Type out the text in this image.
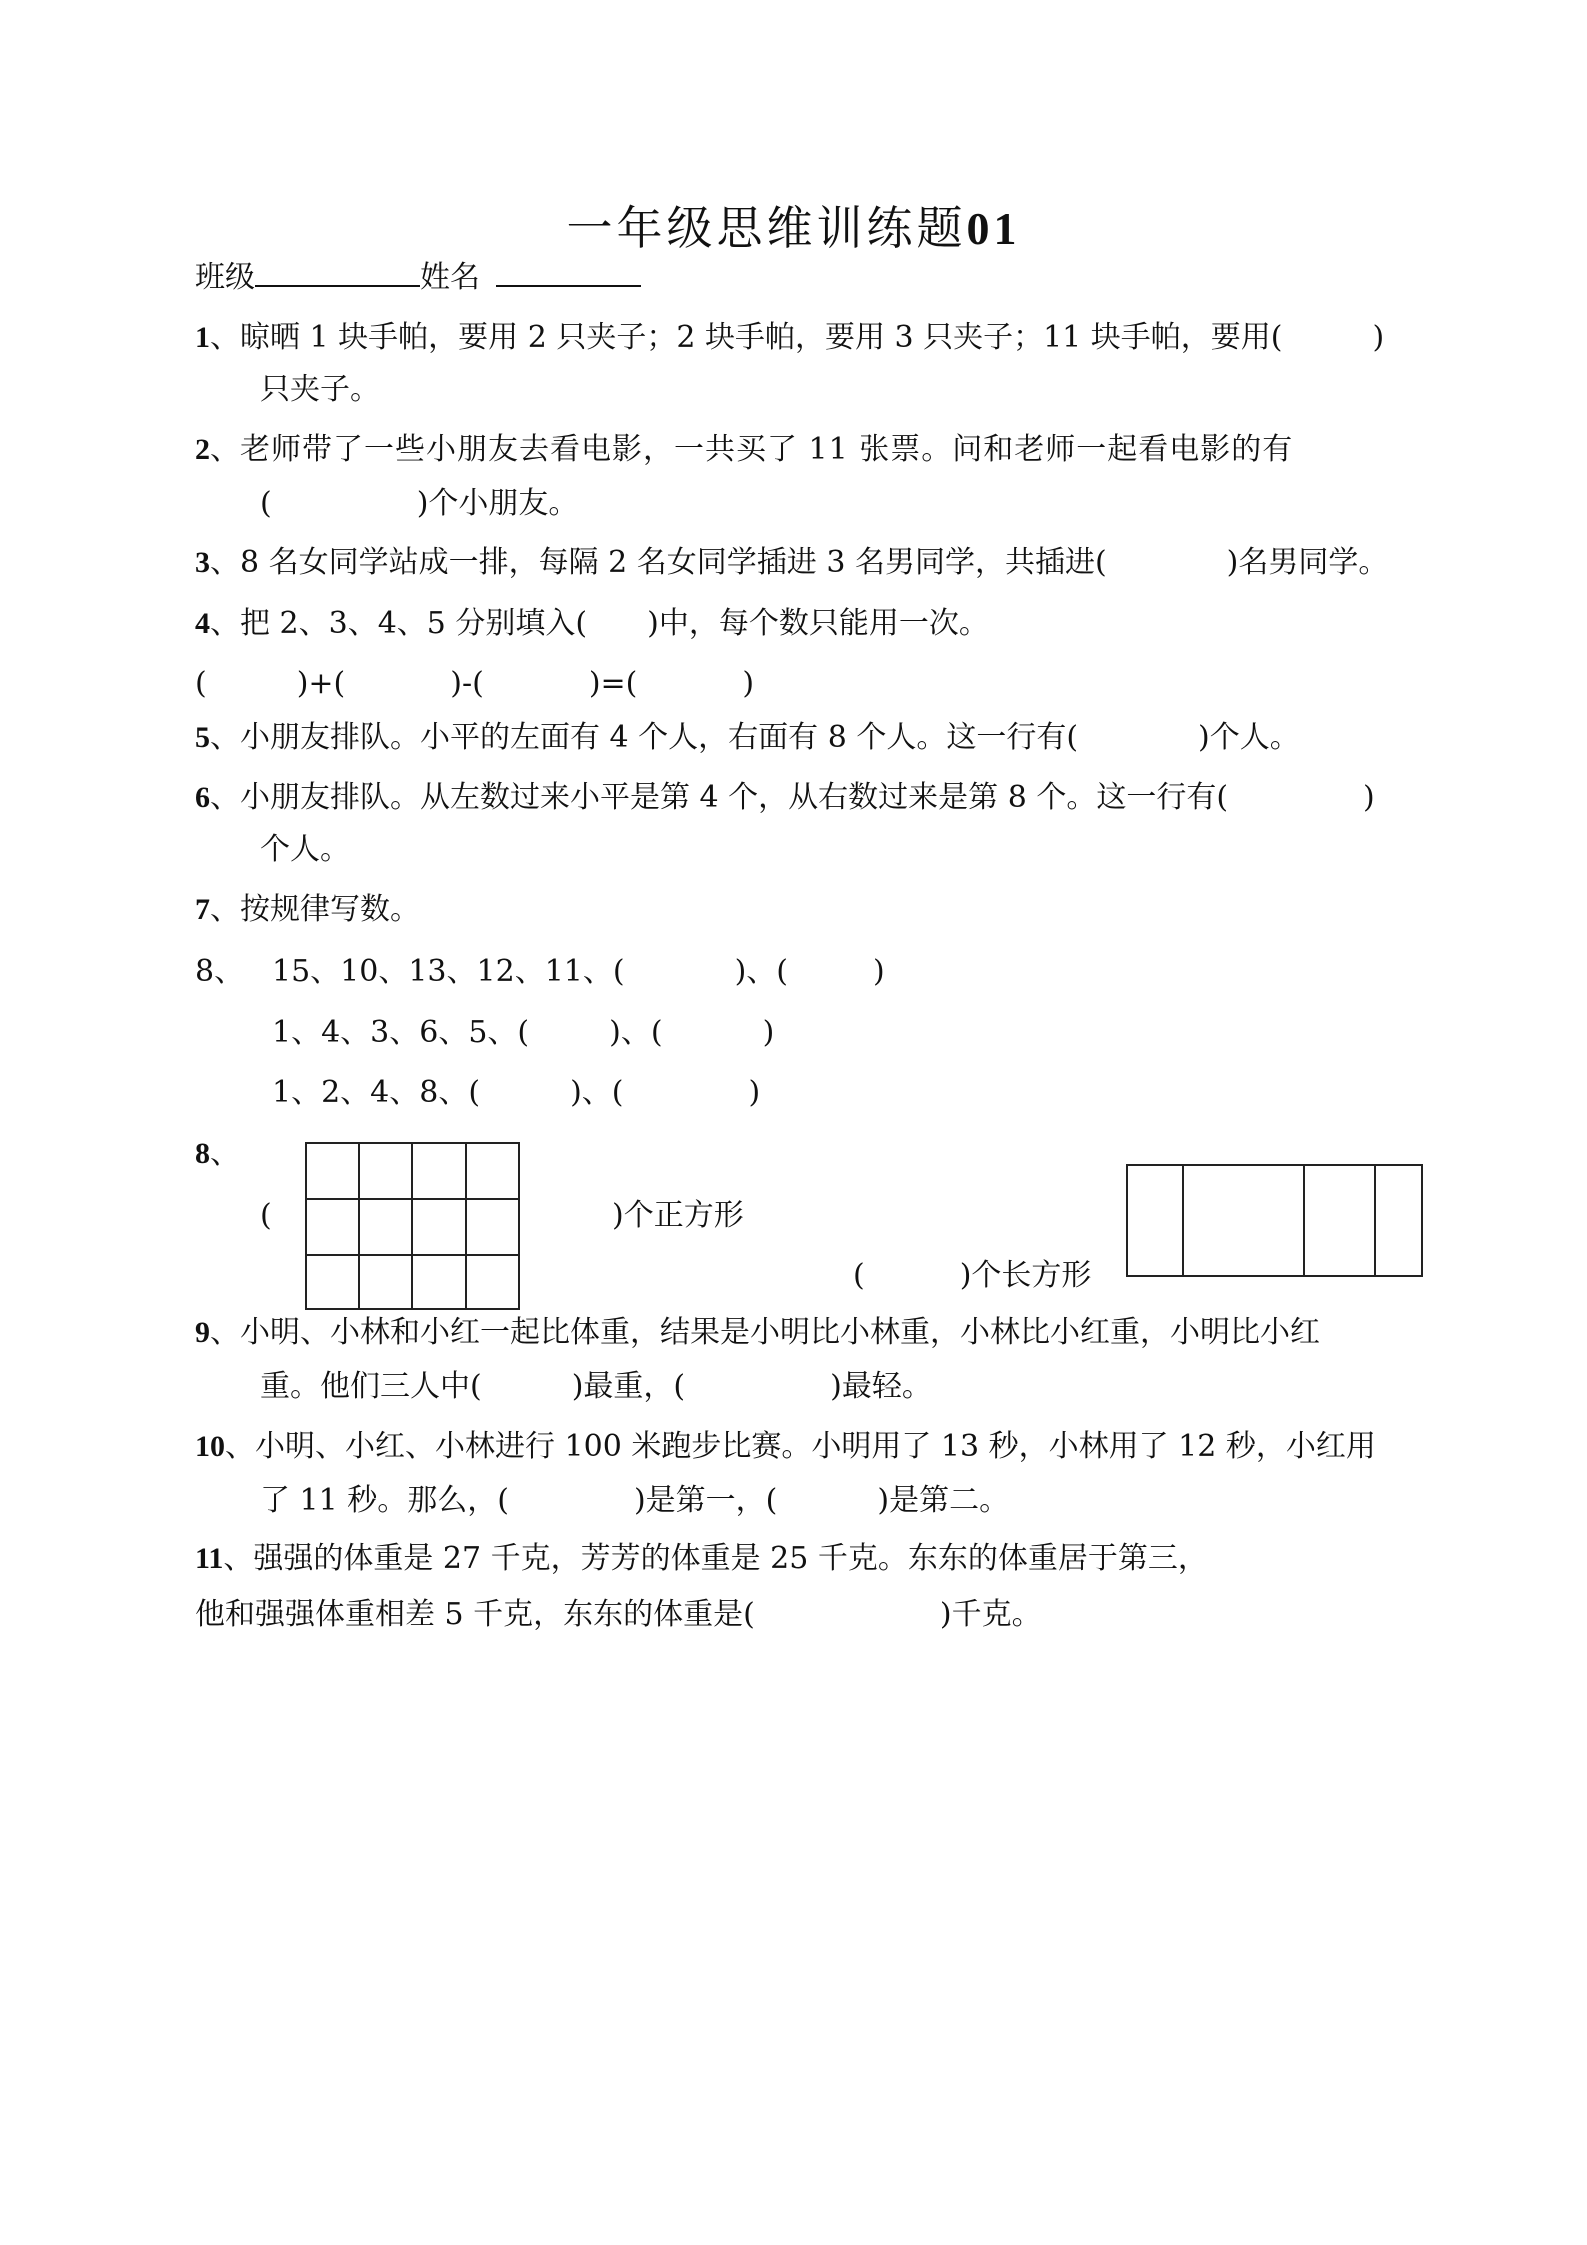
一年级思维训练题01
班级	姓名
1、晾晒 1 块手帕，要用 2 只夹子；2 块手帕，要用 3 只夹子；11 块手帕，要用(	)
只夹子。
2、老师带了一些小朋友去看电影，一共买了 11 张票。问和老师一起看电影的有
(	)个小朋友。
3、8 名女同学站成一排，每隔 2 名女同学插进 3 名男同学，共插进(	)名男同学。
4、把 2、3、4、5 分别填入( )中，每个数只能用一次。
(	)+(	)-(	)=(	)
5、小朋友排队。小平的左面有 4 个人，右面有 8 个人。这一行有(	)个人。
6、小朋友排队。从左数过来小平是第 4 个，从右数过来是第 8 个。这一行有(	)
个人。
7、按规律写数。
8、 15、10、13、12、11、(	)、(	)
1、4、3、6、5、(	)、(	)
1、2、4、8、(	)、(	)
8、
(	)个正方形
(	)个长方形
9、小明、小林和小红一起比体重，结果是小明比小林重，小林比小红重，小明比小红
重。他们三人中(	)最重，(	)最轻。
10、小明、小红、小林进行 100 米跑步比赛。小明用了 13 秒，小林用了 12 秒，小红用
了 11 秒。那么，(	)是第一，(	)是第二。
11、强强的体重是 27 千克，芳芳的体重是 25 千克。东东的体重居于第三，
他和强强体重相差 5 千克，东东的体重是(	)千克。
